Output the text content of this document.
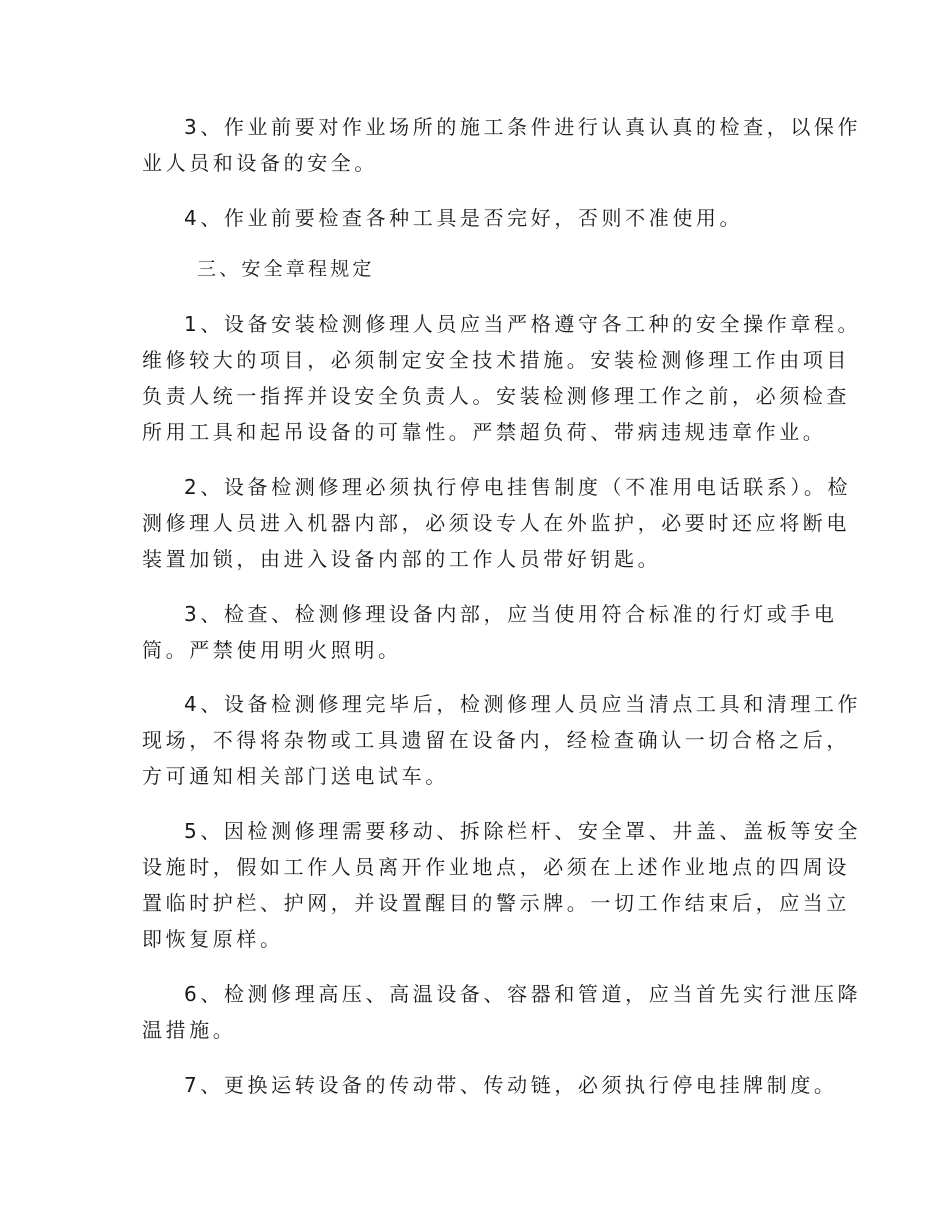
3、作业前要对作业场所的施工条件进行认真认真的检查，以保作

业人员和设备的安全。

4、作业前要检查各种工具是否完好，否则不准使用。

三、安全章程规定

1、设备安装检测修理人员应当严格遵守各工种的安全操作章程。

维修较大的项目，必须制定安全技术措施。安装检测修理工作由项目

负责人统一指挥并设安全负责人。安装检测修理工作之前，必须检查

所用工具和起吊设备的可靠性。严禁超负荷、带病违规违章作业。

2、设备检测修理必须执行停电挂售制度（不准用电话联系）。检

测修理人员进入机器内部，必须设专人在外监护，必要时还应将断电

装置加锁，由进入设备内部的工作人员带好钥匙。

3、检查、检测修理设备内部，应当使用符合标准的行灯或手电

筒。严禁使用明火照明。

4、设备检测修理完毕后，检测修理人员应当清点工具和清理工作

现场，不得将杂物或工具遗留在设备内，经检查确认一切合格之后，

方可通知相关部门送电试车。

5、因检测修理需要移动、拆除栏杆、安全罩、井盖、盖板等安全

设施时，假如工作人员离开作业地点，必须在上述作业地点的四周设

置临时护栏、护网，并设置醒目的警示牌。一切工作结束后，应当立

即恢复原样。

6、检测修理高压、高温设备、容器和管道，应当首先实行泄压降

温措施。

7、更换运转设备的传动带、传动链，必须执行停电挂牌制度。
